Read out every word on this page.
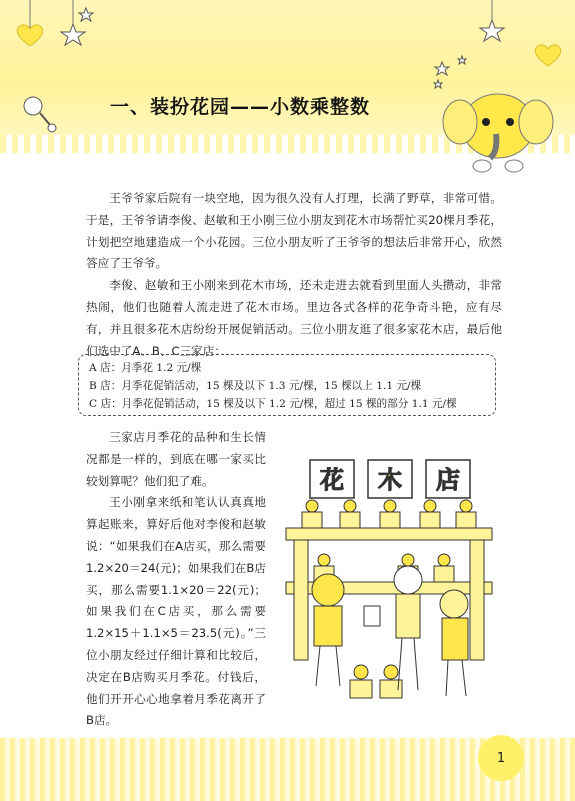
一、装扮花园——小数乘整数

王爷爷家后院有一块空地，因为很久没有人打理，长满了野草，非常可惜。于是，王爷爷请李俊、赵敏和王小刚三位小朋友到花木市场帮忙买20棵月季花，计划把空地建造成一个小花园。三位小朋友听了王爷爷的想法后非常开心，欣然答应了王爷爷。

李俊、赵敏和王小刚来到花木市场，还未走进去就看到里面人头攒动，非常热闹，他们也随着人流走进了花木市场。里边各式各样的花争奇斗艳，应有尽有，并且很多花木店纷纷开展促销活动。三位小朋友逛了很多家花木店，最后他们选中了A、B、C三家店：

A 店：月季花 1.2 元/棵
B 店：月季花促销活动，15 棵及以下 1.3 元/棵，15 棵以上 1.1 元/棵
C 店：月季花促销活动，15 棵及以下 1.2 元/棵，超过 15 棵的部分 1.1 元/棵

三家店月季花的品种和生长情况都是一样的，到底在哪一家买比较划算呢？他们犯了难。

王小刚拿来纸和笔认认真真地算起账来，算好后他对李俊和赵敏说：“如果我们在A店买，那么需要1.2×20＝24(元)；如果我们在B店买，那么需要1.1×20＝22(元)；如果我们在C店买，那么需要1.2×15＋1.1×5＝23.5(元)。”三位小朋友经过仔细计算和比较后，决定在B店购买月季花。付钱后，他们开开心心地拿着月季花离开了B店。

花 木 店
1
